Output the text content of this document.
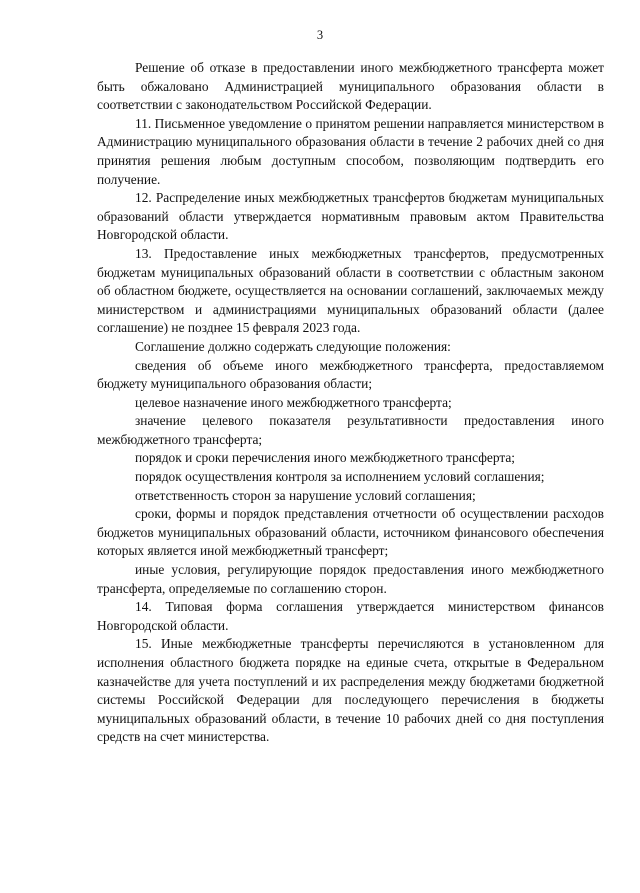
3

Решение об отказе в предоставлении иного межбюджетного трансферта может быть обжаловано Администрацией муниципального образования области в соответствии с законодательством Российской Федерации.

11. Письменное уведомление о принятом решении направляется министерством в Администрацию муниципального образования области в течение 2 рабочих дней со дня принятия решения любым доступным способом, позволяющим подтвердить его получение.

12. Распределение иных межбюджетных трансфертов бюджетам муниципальных образований области утверждается нормативным правовым актом Правительства Новгородской области.

13. Предоставление иных межбюджетных трансфертов, предусмотренных бюджетам муниципальных образований области в соответствии с областным законом об областном бюджете, осуществляется на основании соглашений, заключаемых между министерством и администрациями муниципальных образований области (далее соглашение) не позднее 15 февраля 2023 года.

Соглашение должно содержать следующие положения:

сведения об объеме иного межбюджетного трансферта, предоставляемом бюджету муниципального образования области;

целевое назначение иного межбюджетного трансферта;

значение целевого показателя результативности предоставления иного межбюджетного трансферта;

порядок и сроки перечисления иного межбюджетного трансферта;

порядок осуществления контроля за исполнением условий соглашения;

ответственность сторон за нарушение условий соглашения;

сроки, формы и порядок представления отчетности об осуществлении расходов бюджетов муниципальных образований области, источником финансового обеспечения которых является иной межбюджетный трансферт;

иные условия, регулирующие порядок предоставления иного межбюджетного трансферта, определяемые по соглашению сторон.

14. Типовая форма соглашения утверждается министерством финансов Новгородской области.

15. Иные межбюджетные трансферты перечисляются в установленном для исполнения областного бюджета порядке на единые счета, открытые в Федеральном казначействе для учета поступлений и их распределения между бюджетами бюджетной системы Российской Федерации для последующего перечисления в бюджеты муниципальных образований области, в течение 10 рабочих дней со дня поступления средств на счет министерства.
